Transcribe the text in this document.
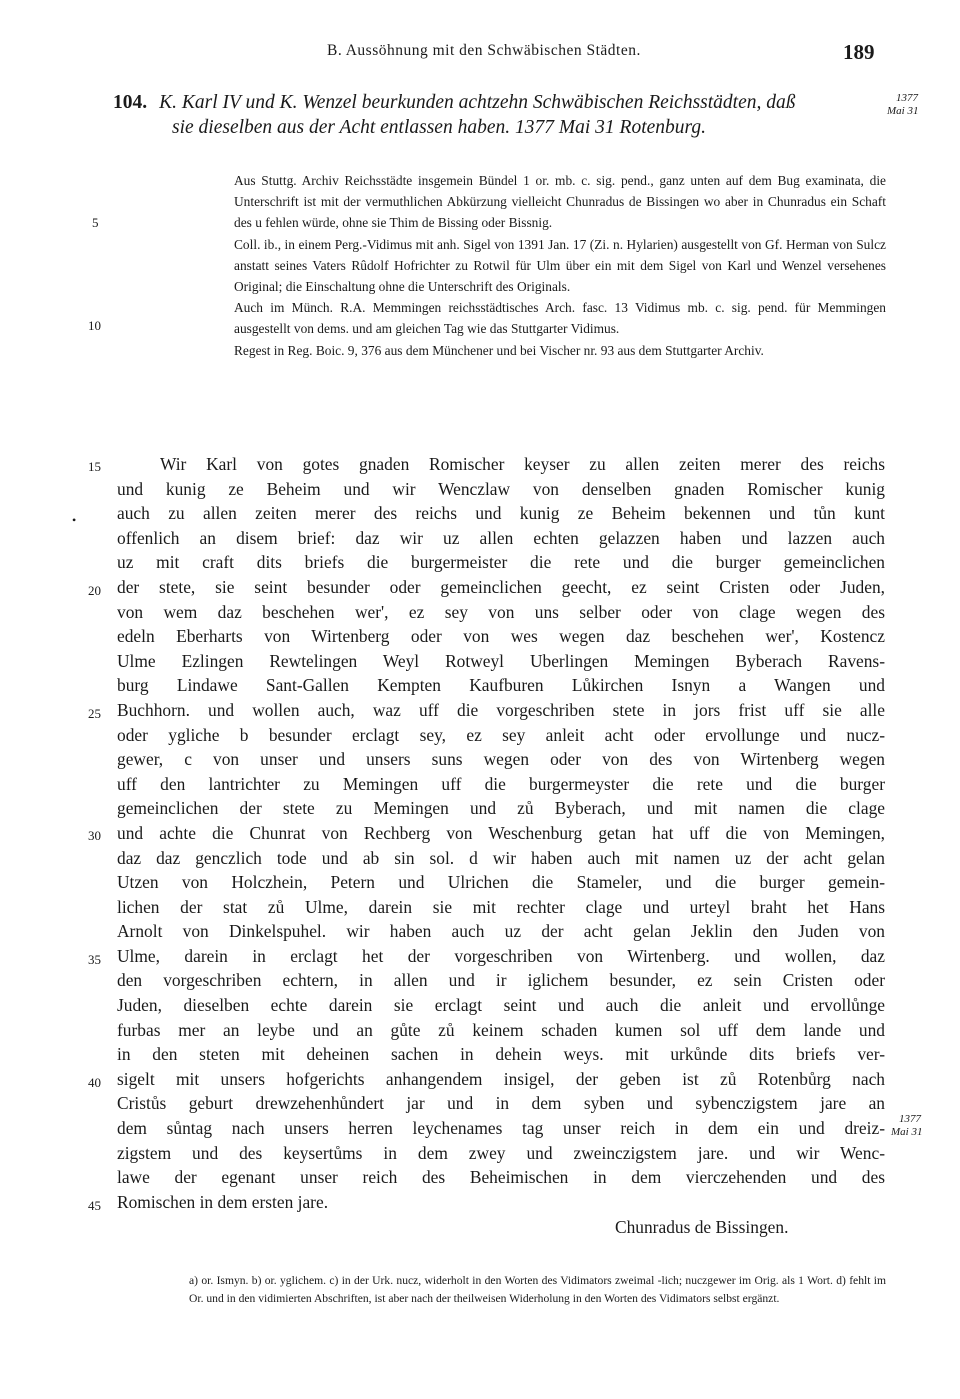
B. Aussöhnung mit den Schwäbischen Städten.	189
104. K. Karl IV und K. Wenzel beurkunden achtzehn Schwäbischen Reichsstädten, daß
sie dieselben aus der Acht entlassen haben. 1377 Mai 31 Rotenburg.
1377
Mai 31

Aus Stuttg. Archiv Reichsstädte insgemein Bündel 1 or. mb. c. sig. pend., ganz unten auf dem Bug examinata, die Unterschrift ist mit der vermuthlichen Abkürzung vielleicht Chunradus de Bissingen wo aber in Chunradus ein Schaft des u fehlen würde, ohne sie Thim de Bissing oder Bissnig.

Coll. ib., in einem Perg.-Vidimus mit anh. Sigel von 1391 Jan. 17 (Zi. n. Hylarien) ausgestellt von Gf. Herman von Sulcz anstatt seines Vaters Rûdolf Hofrichter zu Rotwil für Ulm über ein mit dem Sigel von Karl und Wenzel versehenes Original; die Einschaltung ohne die Unterschrift des Originals.

Auch im Münch. R.A. Memmingen reichsstädtisches Arch. fasc. 13 Vidimus mb. c. sig. pend. für Memmingen ausgestellt von dems. und am gleichen Tag wie das Stuttgarter Vidimus.

Regest in Reg. Boic. 9, 376 aus dem Münchener und bei Vischer nr. 93 aus dem Stuttgarter Archiv.

5
10
15
20
25
30
35
40
45
•
Wir Karl von gotes gnaden Romischer keyser zu allen zeiten merer des reichs
und kunig ze Beheim und wir Wenczlaw von denselben gnaden Romischer kunig
auch zu allen zeiten merer des reichs und kunig ze Beheim bekennen und tůn kunt
offenlich an disem brief: daz wir uz allen echten gelazzen haben und lazzen auch
uz mit craft dits briefs die burgermeister die rete und die burger gemeinclichen
der stete, sie seint besunder oder gemeinclichen geecht, ez seint Cristen oder Juden,
von wem daz beschehen wer', ez sey von uns selber oder von clage wegen des
edeln Eberharts von Wirtenberg oder von wes wegen daz beschehen wer', Kostencz
Ulme Ezlingen Rewtelingen Weyl Rotweyl Uberlingen Memingen Byberach Ravens-
burg Lindawe Sant-Gallen Kempten Kaufburen Lůkirchen Isnyn a Wangen und
Buchhorn. und wollen auch, waz uff die vorgeschriben stete in jors frist uff sie alle
oder ygliche b besunder erclagt sey, ez sey anleit acht oder ervollunge und nucz-
gewer, c von unser und unsers suns wegen oder von des von Wirtenberg wegen
uff den lantrichter zu Memingen uff die burgermeyster die rete und die burger
gemeinclichen der stete zu Memingen und zů Byberach, und mit namen die clage
und achte die Chunrat von Rechberg von Weschenburg getan hat uff die von Memingen,
daz daz genczlich tode und ab sin sol. d wir haben auch mit namen uz der acht gelan
Utzen von Holczhein, Petern und Ulrichen die Stameler, und die burger gemein-
lichen der stat zů Ulme, darein sie mit rechter clage und urteyl braht het Hans
Arnolt von Dinkelspuhel. wir haben auch uz der acht gelan Jeklin den Juden von
Ulme, darein in erclagt het der vorgeschriben von Wirtenberg. und wollen, daz
den vorgeschriben echtern, in allen und ir iglichem besunder, ez sein Cristen oder
Juden, dieselben echte darein sie erclagt seint und auch die anleit und ervollůnge
furbas mer an leybe und an gůte zů keinem schaden kumen sol uff dem lande und
in den steten mit deheinen sachen in dehein weys. mit urkůnde dits briefs ver-
sigelt mit unsers hofgerichts anhangendem insigel, der geben ist zů Rotenbůrg nach
Cristůs geburt drewzehenhůndert jar und in dem syben und sybenczigstem jare an
dem sůntag nach unsers herren leychenames tag unser reich in dem ein und dreiz-
zigstem und des keysertůms in dem zwey und zweinczigstem jare. und wir Wenc-
lawe der egenant unser reich des Beheimischen in dem vierczehenden und des
Romischen in dem ersten jare.
1377
Mai 31
Chunradus de Bissingen.

a) or. Ismyn. b) or. yglichem. c) in der Urk. nucz, widerholt in den Worten des Vidimators zweimal -lich; nuczgewer im Orig. als 1 Wort. d) fehlt im Or. und in den vidimierten Abschriften, ist aber nach der theilweisen Widerholung in den Worten des Vidimators selbst ergänzt.
